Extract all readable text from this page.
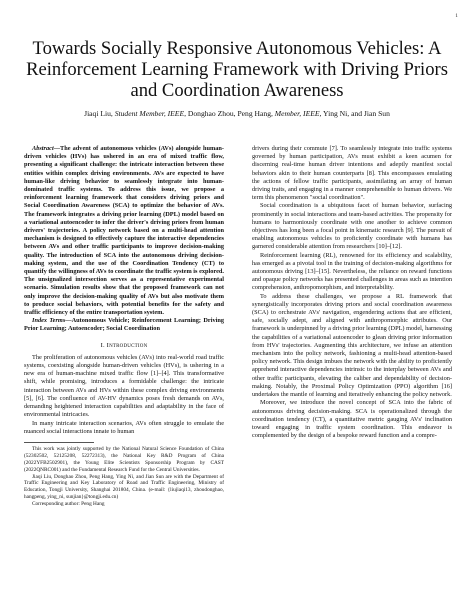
1
Towards Socially Responsive Autonomous Vehicles: A Reinforcement Learning Framework with Driving Priors and Coordination Awareness
Jiaqi Liu, Student Member, IEEE, Donghao Zhou, Peng Hang, Member, IEEE, Ying Ni, and Jian Sun

Abstract—The advent of autonomous vehicles (AVs) alongside human-driven vehicles (HVs) has ushered in an era of mixed traffic flow, presenting a significant challenge: the intricate interaction between these entities within complex driving environments. AVs are expected to have human-like driving behavior to seamlessly integrate into human-dominated traffic systems. To address this issue, we propose a reinforcement learning framework that considers driving priors and Social Coordination Awareness (SCA) to optimize the behavior of AVs. The framework integrates a driving prior learning (DPL) model based on a variational autoencoder to infer the driver's driving priors from human drivers' trajectories. A policy network based on a multi-head attention mechanism is designed to effectively capture the interactive dependencies between AVs and other traffic participants to improve decision-making quality. The introduction of SCA into the autonomous driving decision-making system, and the use of the Coordination Tendency (CT) to quantify the willingness of AVs to coordinate the traffic system is explored. The unsignalized intersection serves as a representative experimental scenario. Simulation results show that the proposed framework can not only improve the decision-making quality of AVs but also motivate them to produce social behaviors, with potential benefits for the safety and traffic efficiency of the entire transportation system.

Index Terms—Autonomous Vehicle; Reinforcement Learning; Driving Prior Learning; Autoencoder; Social Coordination

I. Introduction

The proliferation of autonomous vehicles (AVs) into real-world road traffic systems, coexisting alongside human-driven vehicles (HVs), is ushering in a new era of human-machine mixed traffic flow [1]–[4]. This transformative shift, while promising, introduces a formidable challenge: the intricate interaction between AVs and HVs within these complex driving environments [5], [6]. The confluence of AV-HV dynamics poses fresh demands on AVs, demanding heightened interaction capabilities and adaptability in the face of environmental intricacies.

In many intricate interaction scenarios, AVs often struggle to emulate the nuanced social interactions innate to human

This work was jointly supported by the National Natural Science Foundation of China (52302502, 52125208, 52272313), the National Key R&D Program of China (2022YFB2502901), the Young Elite Scientists Sponsorship Program by CAST (2022QNRC001) and the Fundamental Research Fund for the Central Universities.

Jiaqi Liu, Donghao Zhou, Peng Hang, Ying Ni, and Jian Sun are with the Department of Traffic Engineering and Key Laboratory of Road and Traffic Engineering, Ministry of Education, Tongji University, Shanghai 201804, China. (e-mail: {liujiaqi13, zhoudonghao, hangpeng, ying_ni, sunjian}@tongji.edu.cn)

Corresponding author: Peng Hang

drivers during their commute [7]. To seamlessly integrate into traffic systems governed by human participation, AVs must exhibit a keen acumen for discerning real-time human driver intentions and adeptly manifest social behaviors akin to their human counterparts [8]. This encompasses emulating the actions of fellow traffic participants, assimilating an array of human driving traits, and engaging in a manner comprehensible to human drivers. We term this phenomenon "social coordination".

Social coordination is a ubiquitous facet of human behavior, surfacing prominently in social interactions and team-based activities. The propensity for humans to harmoniously coordinate with one another to achieve common objectives has long been a focal point in kinematic research [9]. The pursuit of enabling autonomous vehicles to proficiently coordinate with humans has garnered considerable attention from researchers [10]–[12].

Reinforcement learning (RL), renowned for its efficiency and scalability, has emerged as a pivotal tool in the training of decision-making algorithms for autonomous driving [13]–[15]. Nevertheless, the reliance on reward functions and opaque policy networks has presented challenges in areas such as intention comprehension, anthropomorphism, and interpretability.

To address these challenges, we propose a RL framework that synergistically incorporates driving priors and social coordination awareness (SCA) to orchestrate AVs' navigation, engendering actions that are efficient, safe, socially adept, and aligned with anthropomorphic attributes. Our framework is underpinned by a driving prior learning (DPL) model, harnessing the capabilities of a variational autoencoder to glean driving prior information from HVs' trajectories. Augmenting this architecture, we infuse an attention mechanism into the policy network, fashioning a multi-head attention-based policy network. This design imbues the network with the ability to proficiently apprehend interactive dependencies intrinsic to the interplay between AVs and other traffic participants, elevating the caliber and dependability of decision-making. Notably, the Proximal Policy Optimization (PPO) algorithm [16] undertakes the mantle of learning and iteratively enhancing the policy network.

Moreover, we introduce the novel concept of SCA into the fabric of autonomous driving decision-making. SCA is operationalized through the coordination tendency (CT), a quantitative metric gauging AVs' inclination toward engaging in traffic system coordination. This endeavor is complemented by the design of a bespoke reward function and a compre-
